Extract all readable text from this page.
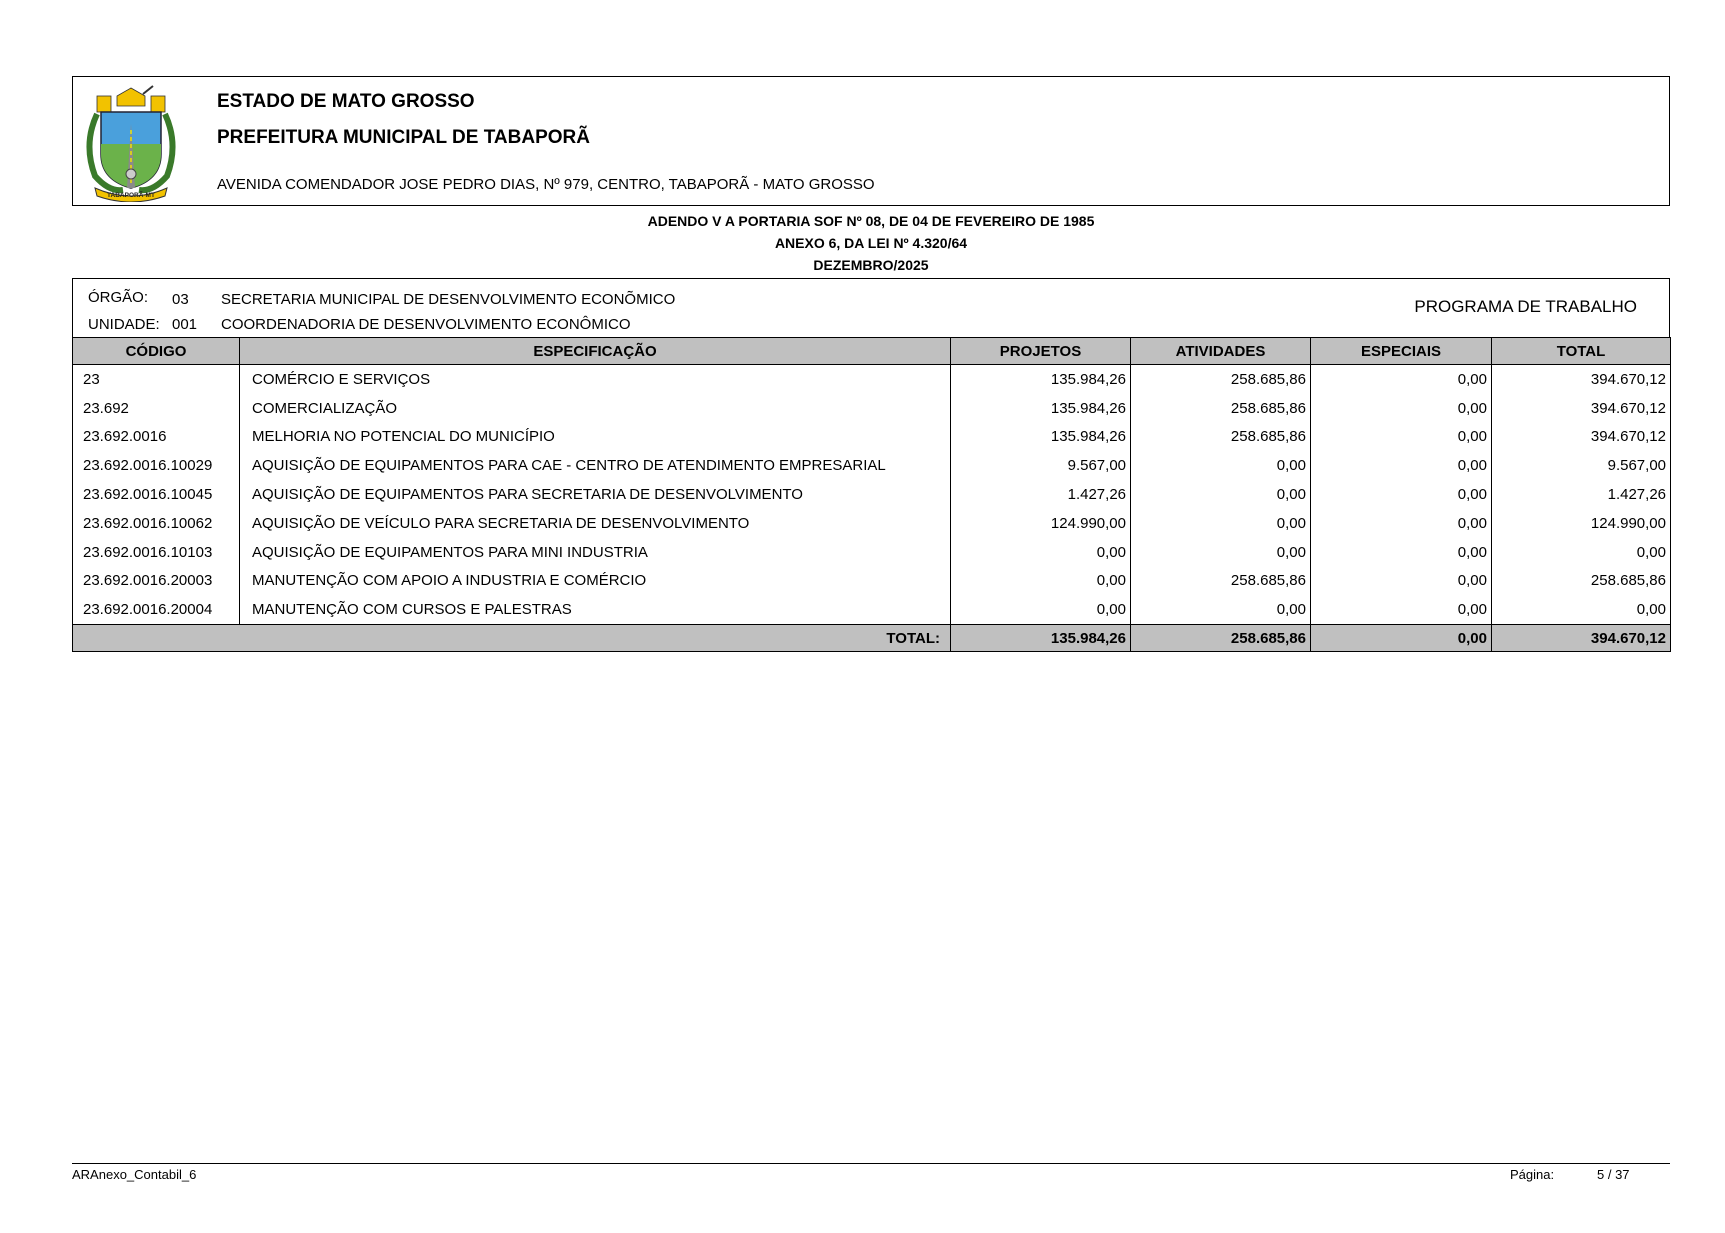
TABAPORÃ-MT
ESTADO DE MATO GROSSO
PREFEITURA MUNICIPAL DE TABAPORÃ
AVENIDA COMENDADOR JOSE PEDRO DIAS, Nº 979, CENTRO, TABAPORÃ - MATO GROSSO
ADENDO V A PORTARIA SOF Nº 08, DE 04 DE FEVEREIRO DE 1985
ANEXO 6, DA LEI Nº 4.320/64
DEZEMBRO/2025
ÓRGÃO: 03 SECRETARIA MUNICIPAL DE DESENVOLVIMENTO ECONÕMICO
UNIDADE: 001 COORDENADORIA DE DESENVOLVIMENTO ECONÔMICO
PROGRAMA DE TRABALHO
CÓDIGO	ESPECIFICAÇÃO	PROJETOS	ATIVIDADES	ESPECIAIS	TOTAL
23	COMÉRCIO E SERVIÇOS	135.984,26	258.685,86	0,00	394.670,12
23.692	COMERCIALIZAÇÃO	135.984,26	258.685,86	0,00	394.670,12
23.692.0016	MELHORIA NO POTENCIAL DO MUNICÍPIO	135.984,26	258.685,86	0,00	394.670,12
23.692.0016.10029	AQUISIÇÃO DE EQUIPAMENTOS PARA CAE - CENTRO DE ATENDIMENTO EMPRESARIAL	9.567,00	0,00	0,00	9.567,00
23.692.0016.10045	AQUISIÇÃO DE EQUIPAMENTOS PARA SECRETARIA DE DESENVOLVIMENTO	1.427,26	0,00	0,00	1.427,26
23.692.0016.10062	AQUISIÇÃO DE VEÍCULO PARA SECRETARIA DE DESENVOLVIMENTO	124.990,00	0,00	0,00	124.990,00
23.692.0016.10103	AQUISIÇÃO DE EQUIPAMENTOS PARA MINI INDUSTRIA	0,00	0,00	0,00	0,00
23.692.0016.20003	MANUTENÇÃO COM APOIO A INDUSTRIA E COMÉRCIO	0,00	258.685,86	0,00	258.685,86
23.692.0016.20004	MANUTENÇÃO COM CURSOS E PALESTRAS	0,00	0,00	0,00	0,00
TOTAL:		135.984,26	258.685,86	0,00	394.670,12
ARAnexo_Contabil_6	Página:	5 / 37
